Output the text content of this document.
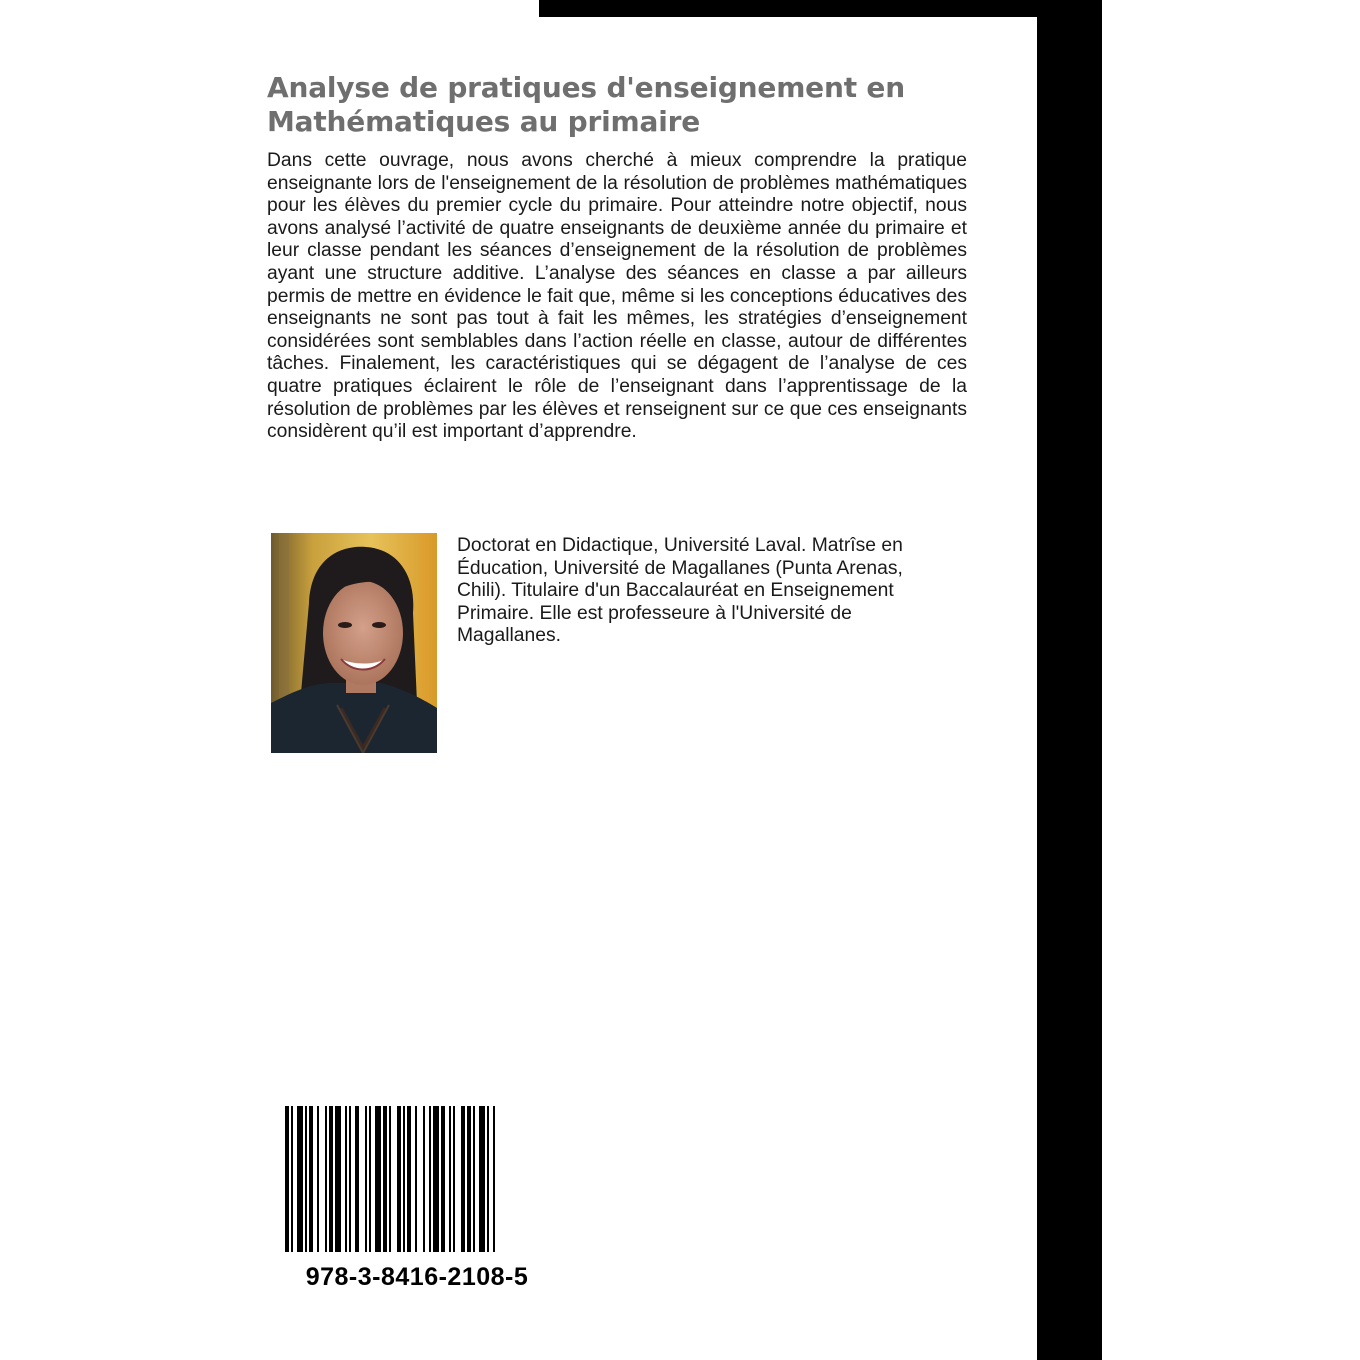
Analyse de pratiques d'enseignement en Mathématiques au primaire

Dans cette ouvrage, nous avons cherché à mieux comprendre la pratique enseignante lors de l'enseignement de la résolution de problèmes mathématiques pour les élèves du premier cycle du primaire. Pour atteindre notre objectif, nous avons analysé l’activité de quatre enseignants de deuxième année du primaire et leur classe pendant les séances d’enseignement de la résolution de problèmes ayant une structure additive. L’analyse des séances en classe a par ailleurs permis de mettre en évidence le fait que, même si les conceptions éducatives des enseignants ne sont pas tout à fait les mêmes, les stratégies d’enseignement considérées sont semblables dans l’action réelle en classe, autour de différentes tâches. Finalement, les caractéristiques qui se dégagent de l’analyse de ces quatre pratiques éclairent le rôle de l’enseignant dans l’apprentissage de la résolution de problèmes par les élèves et renseignent sur ce que ces enseignants considèrent qu’il est important d’apprendre.

Doctorat en Didactique, Université Laval. Matrîse en Éducation, Université de Magallanes (Punta Arenas, Chili). Titulaire d'un Baccalauréat en Enseignement Primaire. Elle est professeure à l'Université de Magallanes.

978-3-8416-2108-5
